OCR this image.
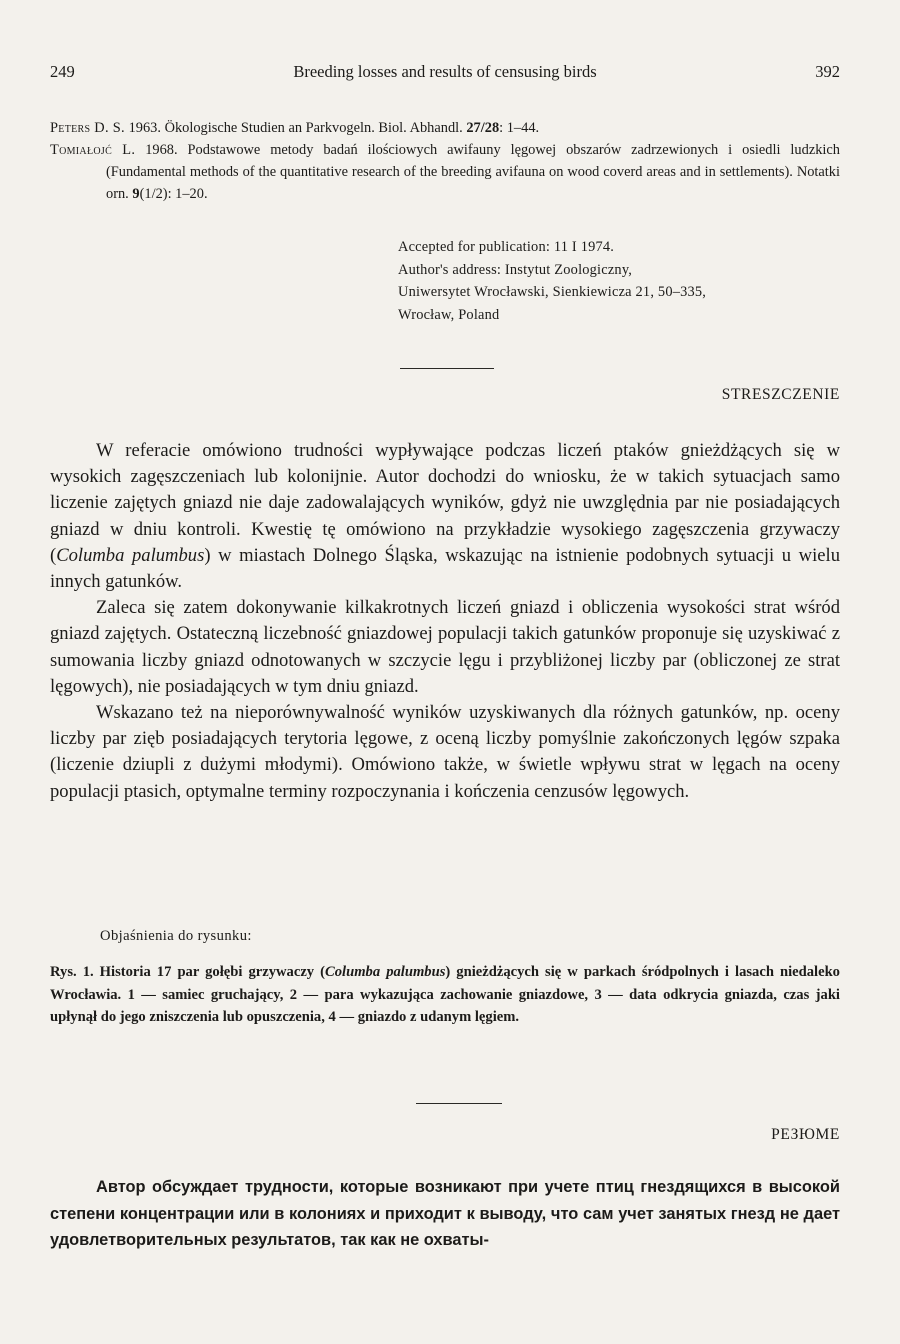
249	Breeding losses and results of censusing birds	392
Peters D. S. 1963. Ökologische Studien an Parkvogeln. Biol. Abhandl. 27/28: 1–44.
Tomiałojć L. 1968. Podstawowe metody badań ilościowych awifauny lęgowej obszarów zadrzewionych i osiedli ludzkich (Fundamental methods of the quantitative research of the breeding avifauna on wood coverd areas and in settlements). Notatki orn. 9(1/2): 1–20.
Accepted for publication: 11 I 1974.
Author's address: Instytut Zoologiczny,
Uniwersytet Wrocławski, Sienkiewicza 21, 50–335,
Wrocław, Poland
STRESZCZENIE

W referacie omówiono trudności wypływające podczas liczeń ptaków gnieżdżących się w wysokich zagęszczeniach lub kolonijnie. Autor dochodzi do wniosku, że w takich sytuacjach samo liczenie zajętych gniazd nie daje zadowalających wyników, gdyż nie uwzględnia par nie posiadających gniazd w dniu kontroli. Kwestię tę omówiono na przykładzie wysokiego zagęszczenia grzywaczy (Columba palumbus) w miastach Dolnego Śląska, wskazując na istnienie podobnych sytuacji u wielu innych gatunków.

Zaleca się zatem dokonywanie kilkakrotnych liczeń gniazd i obliczenia wysokości strat wśród gniazd zajętych. Ostateczną liczebność gniazdowej populacji takich gatunków proponuje się uzyskiwać z sumowania liczby gniazd odnotowanych w szczycie lęgu i przybliżonej liczby par (obliczonej ze strat lęgowych), nie posiadających w tym dniu gniazd.

Wskazano też na nieporównywalność wyników uzyskiwanych dla różnych gatunków, np. oceny liczby par zięb posiadających terytoria lęgowe, z oceną liczby pomyślnie zakończonych lęgów szpaka (liczenie dziupli z dużymi młodymi). Omówiono także, w świetle wpływu strat w lęgach na oceny populacji ptasich, optymalne terminy rozpoczynania i kończenia cenzusów lęgowych.

Objaśnienia do rysunku:

Rys. 1. Historia 17 par gołębi grzywaczy (Columba palumbus) gnieżdżących się w parkach śródpolnych i lasach niedaleko Wrocławia. 1 — samiec gruchający, 2 — para wykazująca zachowanie gniazdowe, 3 — data odkrycia gniazda, czas jaki upłynął do jego zniszczenia lub opuszczenia, 4 — gniazdo z udanym lęgiem.

РЕЗЮМЕ

Автор обсуждает трудности, которые возникают при учете птиц гнездящихся в высокой степени концентрации или в колониях и приходит к выводу, что сам учет занятых гнезд не дает удовлетворительных результатов, так как не охваты-
